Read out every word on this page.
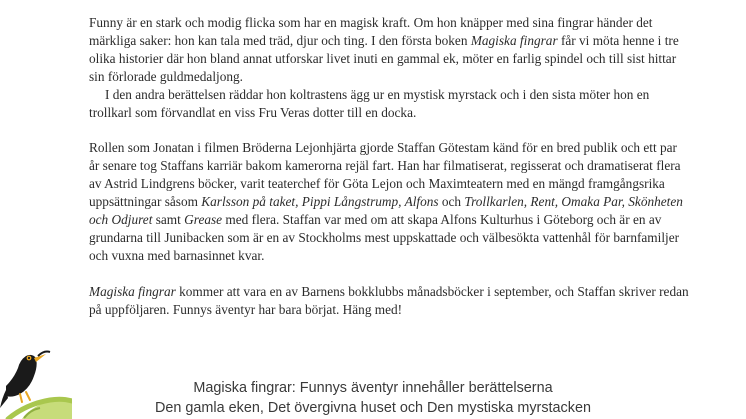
Funny är en stark och modig flicka som har en magisk kraft. Om hon knäpper med sina fingrar händer det märkliga saker: hon kan tala med träd, djur och ting. I den första boken Magiska fingrar får vi möta henne i tre olika historier där hon bland annat utforskar livet inuti en gammal ek, möter en farlig spindel och till sist hittar sin förlorade guldmedaljong.

I den andra berättelsen räddar hon koltrastens ägg ur en mystisk myrstack och i den sista möter hon en trollkarl som förvandlat en viss Fru Veras dotter till en docka.

Rollen som Jonatan i filmen Bröderna Lejonhjärta gjorde Staffan Götestam känd för en bred publik och ett par år senare tog Staffans karriär bakom kamerorna rejäl fart. Han har filmatiserat, regisserat och dramatiserat flera av Astrid Lindgrens böcker, varit teaterchef för Göta Lejon och Maximteatern med en mängd framgångsrika uppsättningar såsom Karlsson på taket, Pippi Långstrump, Alfons och Trollkarlen, Rent, Omaka Par, Skönheten och Odjuret samt Grease med flera. Staffan var med om att skapa Alfons Kulturhus i Göteborg och är en av grundarna till Junibacken som är en av Stockholms mest uppskattade och välbesökta vattenhål för barnfamiljer och vuxna med barnasinnet kvar.

Magiska fingrar kommer att vara en av Barnens bokklubbs månadsböcker i september, och Staffan skriver redan på uppföljaren. Funnys äventyr har bara börjat. Häng med!

Magiska fingrar: Funnys äventyr innehåller berättelserna
Den gamla eken, Det övergivna huset och Den mystiska myrstacken
